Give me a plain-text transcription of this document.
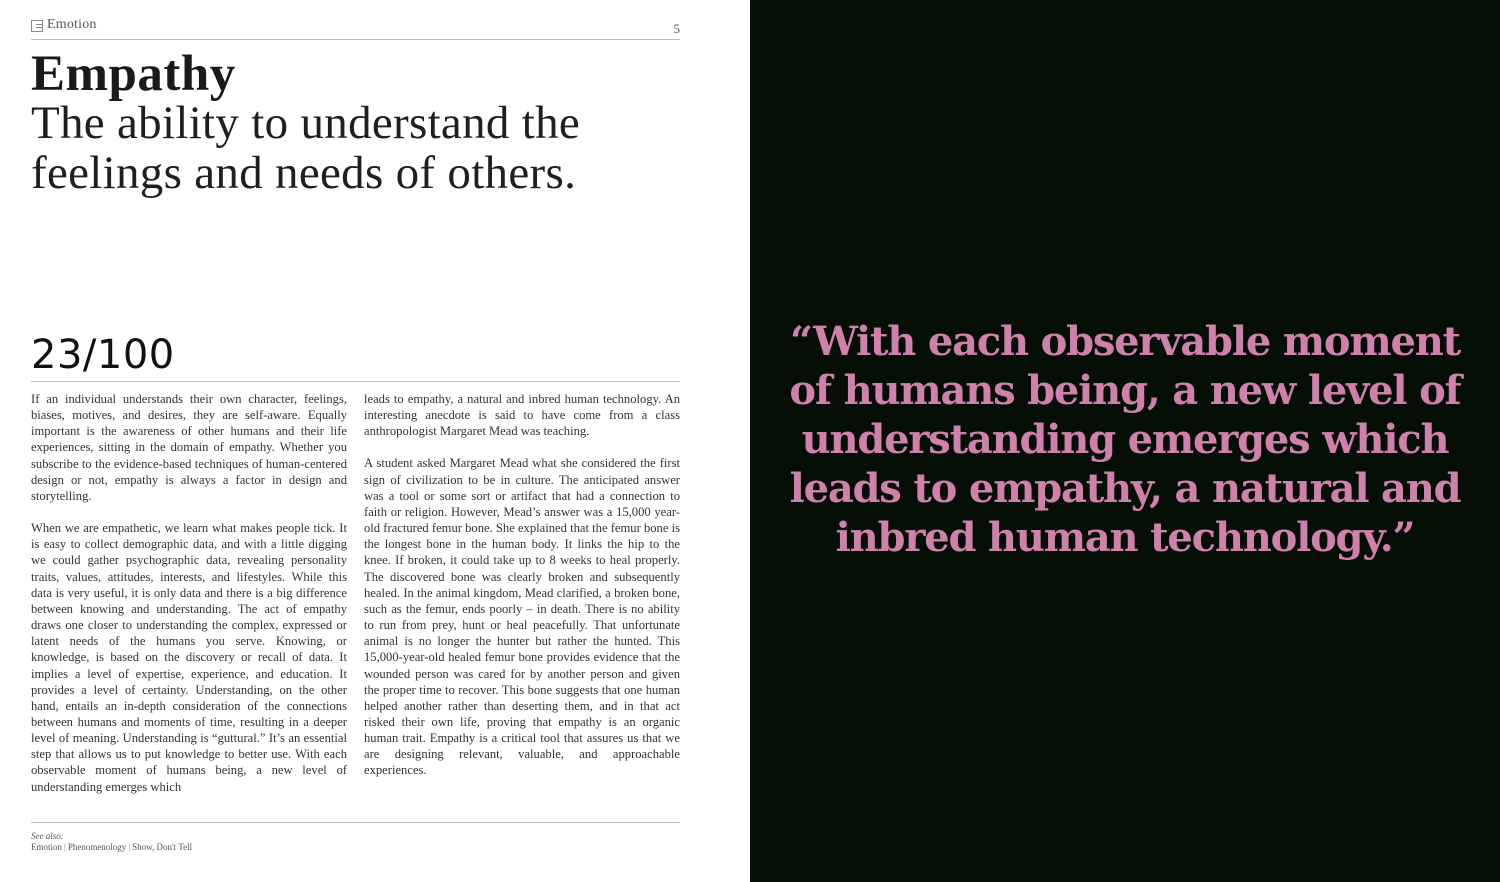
Emotion	5
Empathy
The ability to understand the feelings and needs of others.
23/100

If an individual understands their own character, feelings, biases, motives, and desires, they are self-aware. Equally important is the awareness of other humans and their life experiences, sitting in the domain of empathy. Whether you subscribe to the evidence-based techniques of human-centered design or not, empathy is always a factor in design and storytelling.

When we are empathetic, we learn what makes people tick. It is easy to collect demographic data, and with a little digging we could gather psychographic data, revealing personality traits, values, attitudes, interests, and lifestyles. While this data is very useful, it is only data and there is a big difference between knowing and understanding. The act of empathy draws one closer to understanding the complex, expressed or latent needs of the humans you serve. Knowing, or knowledge, is based on the discovery or recall of data. It implies a level of expertise, experience, and education. It provides a level of certainty. Understanding, on the other hand, entails an in-depth consideration of the connections between humans and moments of time, resulting in a deeper level of meaning. Understanding is “guttural.” It’s an essential step that allows us to put knowledge to better use. With each observable moment of humans being, a new level of understanding emerges which

leads to empathy, a natural and inbred human technology. An interesting anecdote is said to have come from a class anthropologist Margaret Mead was teaching.

A student asked Margaret Mead what she considered the first sign of civilization to be in culture. The anticipated answer was a tool or some sort or artifact that had a connection to faith or religion. However, Mead’s answer was a 15,000 year- old fractured femur bone. She explained that the femur bone is the longest bone in the human body. It links the hip to the knee. If broken, it could take up to 8 weeks to heal properly. The discovered bone was clearly broken and subsequently healed. In the animal kingdom, Mead clarified, a broken bone, such as the femur, ends poorly – in death. There is no ability to run from prey, hunt or heal peacefully. That unfortunate animal is no longer the hunter but rather the hunted. This 15,000-year-old healed femur bone provides evidence that the wounded person was cared for by another person and given the proper time to recover. This bone suggests that one human helped another rather than deserting them, and in that act risked their own life, proving that empathy is an organic human trait. Empathy is a critical tool that assures us that we are designing relevant, valuable, and approachable experiences.

See also:
Emotion | Phenomenology | Show, Don't Tell

“With each observable moment of humans being, a new level of understanding emerges which leads to empathy, a natural and inbred human technology.”
